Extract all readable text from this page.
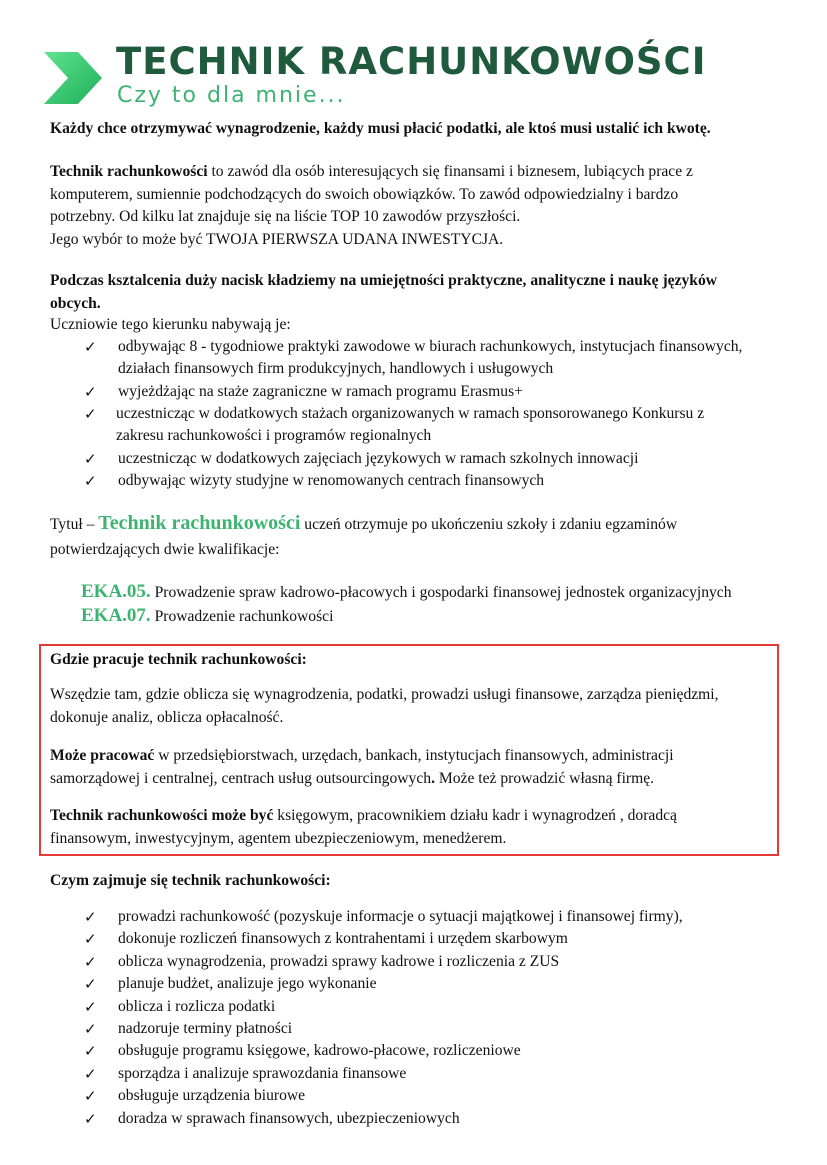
TECHNIK RACHUNKOWOŚCI
Czy to dla mnie...
Każdy chce otrzymywać wynagrodzenie, każdy musi płacić podatki, ale ktoś musi ustalić ich kwotę.
Technik rachunkowości to zawód dla osób interesujących się finansami i biznesem, lubiących prace z
komputerem, sumiennie podchodzących do swoich obowiązków. To zawód odpowiedzialny i bardzo
potrzebny. Od kilku lat znajduje się na liście TOP 10 zawodów przyszłości.
Jego wybór to może być TWOJA PIERWSZA UDANA INWESTYCJA.
Podczas ksztalcenia duży nacisk kładziemy na umiejętności praktyczne, analityczne i naukę języków
obcych.
Uczniowie tego kierunku nabywają je:
✓ odbywając 8 - tygodniowe praktyki zawodowe w biurach rachunkowych, instytucjach finansowych,
działach finansowych firm produkcyjnych, handlowych i usługowych
✓ wyjeżdżając na staże zagraniczne w ramach programu Erasmus+
✓ uczestnicząc w dodatkowych stażach organizowanych w ramach sponsorowanego Konkursu z
zakresu rachunkowości i programów regionalnych
✓ uczestnicząc w dodatkowych zajęciach językowych w ramach szkolnych innowacji
✓ odbywając wizyty studyjne w renomowanych centrach finansowych
Tytuł – Technik rachunkowości uczeń otrzymuje po ukończeniu szkoły i zdaniu egzaminów
potwierdzających dwie kwalifikacje:
EKA.05. Prowadzenie spraw kadrowo-płacowych i gospodarki finansowej jednostek organizacyjnych
EKA.07. Prowadzenie rachunkowości
Gdzie pracuje technik rachunkowości:
Wszędzie tam, gdzie oblicza się wynagrodzenia, podatki, prowadzi usługi finansowe, zarządza pieniędzmi,
dokonuje analiz, oblicza opłacalność.
Może pracować w przedsiębiorstwach, urzędach, bankach, instytucjach finansowych, administracji
samorządowej i centralnej, centrach usług outsourcingowych. Może też prowadzić własną firmę.
Technik rachunkowości może być księgowym, pracownikiem działu kadr i wynagrodzeń , doradcą
finansowym, inwestycyjnym, agentem ubezpieczeniowym, menedżerem.
Czym zajmuje się technik rachunkowości:
✓ prowadzi rachunkowość (pozyskuje informacje o sytuacji majątkowej i finansowej firmy),
✓ dokonuje rozliczeń finansowych z kontrahentami i urzędem skarbowym
✓ oblicza wynagrodzenia, prowadzi sprawy kadrowe i rozliczenia z ZUS
✓ planuje budżet, analizuje jego wykonanie
✓ oblicza i rozlicza podatki
✓ nadzoruje terminy płatności
✓ obsługuje programu księgowe, kadrowo-płacowe, rozliczeniowe
✓ sporządza i analizuje sprawozdania finansowe
✓ obsługuje urządzenia biurowe
✓ doradza w sprawach finansowych, ubezpieczeniowych
